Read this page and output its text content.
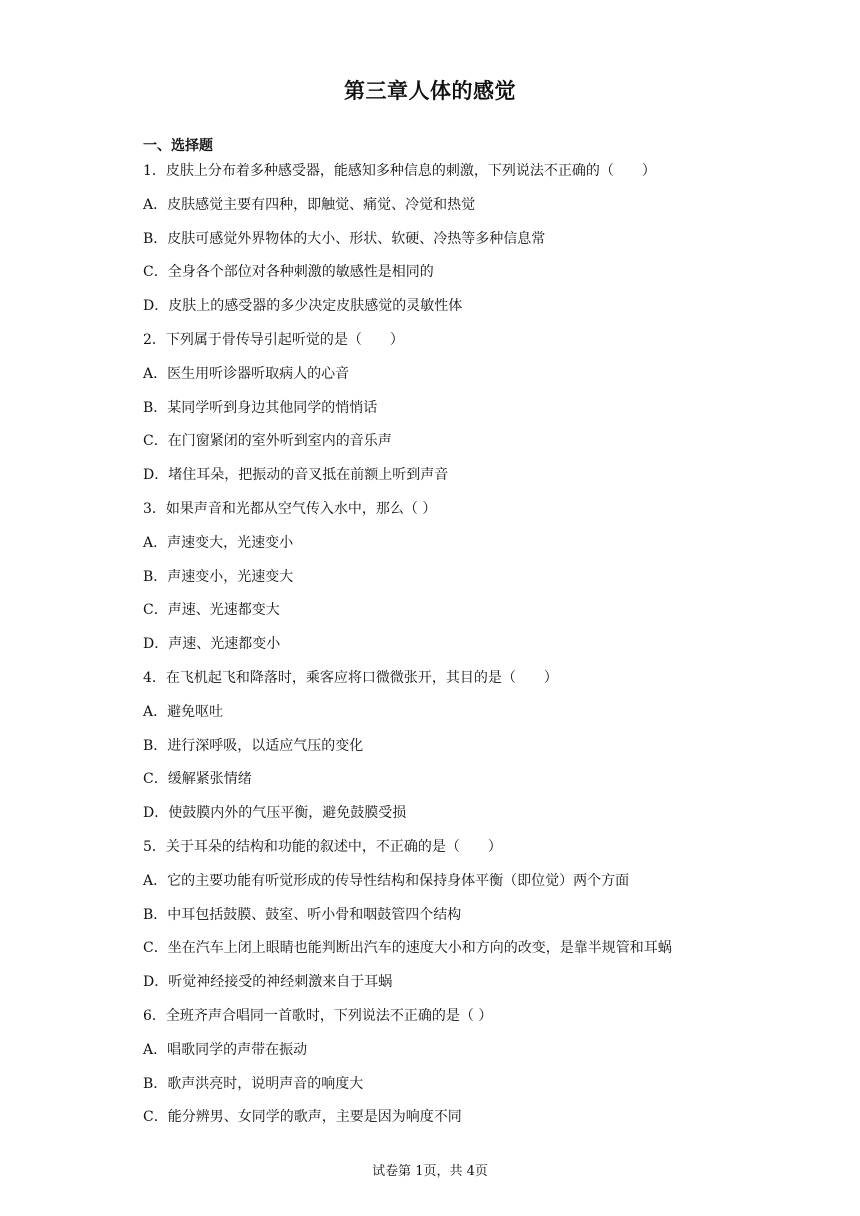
第三章人体的感觉
一、选择题
1．皮肤上分布着多种感受器，能感知多种信息的刺激，下列说法不正确的（　　）
A．皮肤感觉主要有四种，即触觉、痛觉、冷觉和热觉
B．皮肤可感觉外界物体的大小、形状、软硬、冷热等多种信息常
C．全身各个部位对各种刺激的敏感性是相同的
D．皮肤上的感受器的多少决定皮肤感觉的灵敏性体
2．下列属于骨传导引起听觉的是（　　）
A．医生用听诊器听取病人的心音
B．某同学听到身边其他同学的悄悄话
C．在门窗紧闭的室外听到室内的音乐声
D．堵住耳朵，把振动的音叉抵在前额上听到声音
3．如果声音和光都从空气传入水中，那么（ ）
A．声速变大，光速变小
B．声速变小，光速变大
C．声速、光速都变大
D．声速、光速都变小
4．在飞机起飞和降落时，乘客应将口微微张开，其目的是（　　）
A．避免呕吐
B．进行深呼吸，以适应气压的变化
C．缓解紧张情绪
D．使鼓膜内外的气压平衡，避免鼓膜受损
5．关于耳朵的结构和功能的叙述中，不正确的是（　　）
A．它的主要功能有听觉形成的传导性结构和保持身体平衡（即位觉）两个方面
B．中耳包括鼓膜、鼓室、听小骨和咽鼓管四个结构
C．坐在汽车上闭上眼睛也能判断出汽车的速度大小和方向的改变，是靠半规管和耳蜗
D．听觉神经接受的神经刺激来自于耳蜗
6．全班齐声合唱同一首歌时，下列说法不正确的是（ ）
A．唱歌同学的声带在振动
B．歌声洪亮时，说明声音的响度大
C．能分辨男、女同学的歌声，主要是因为响度不同
试卷第 1页，共 4页
